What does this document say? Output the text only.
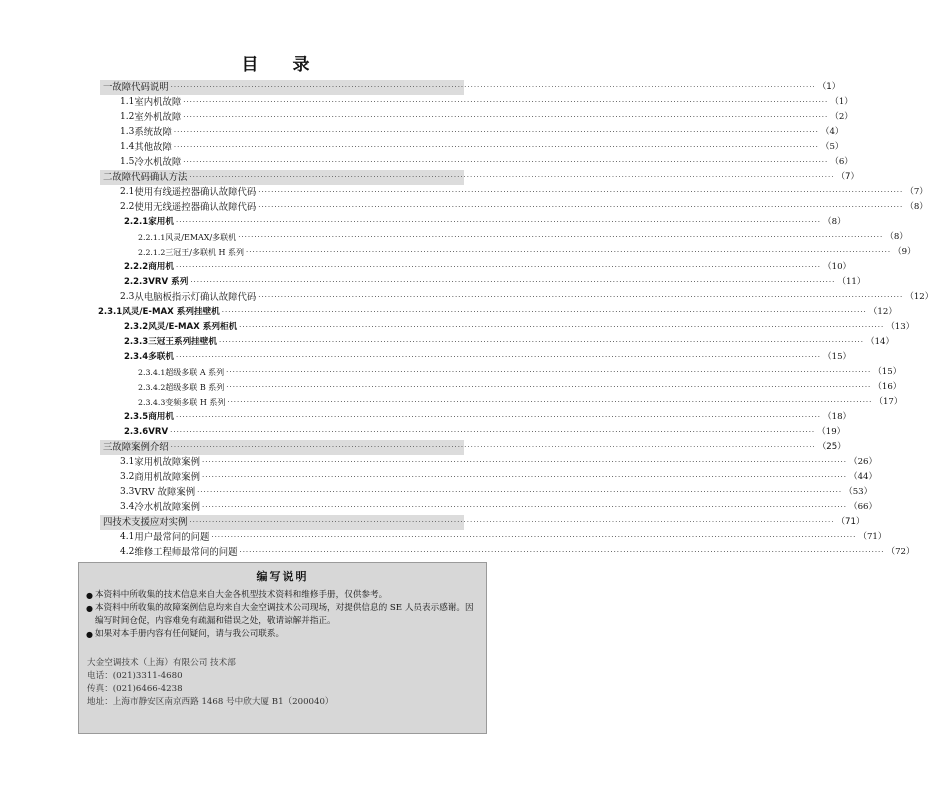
目 录
一 故障代码说明 ········································································································································································································ （1）
1.1 室内机故障 ········································································································································································································ （1）
1.2 室外机故障 ········································································································································································································ （2）
1.3 系统故障 ········································································································································································································ （4）
1.4 其他故障 ········································································································································································································ （5）
1.5 冷水机故障 ········································································································································································································ （6）
二 故障代码确认方法 ········································································································································································································ （7）
2.1 使用有线遥控器确认故障代码 ········································································································································································································ （7）
2.2 使用无线遥控器确认故障代码 ········································································································································································································ （8）
2.2.1 家用机 ········································································································································································································ （8）
2.2.1.1 风灵/EMAX/多联机 ········································································································································································································ （8）
2.2.1.2 三冠王/多联机 H 系列 ········································································································································································································ （9）
2.2.2 商用机 ········································································································································································································ （10）
2.2.3 VRV 系列 ········································································································································································································ （11）
2.3 从电脑板指示灯确认故障代码 ········································································································································································································ （12）
2.3.1 风灵/E-MAX 系列挂壁机 ········································································································································································································ （12）
2.3.2 风灵/E-MAX 系列柜机 ········································································································································································································ （13）
2.3.3 三冠王系列挂壁机 ········································································································································································································ （14）
2.3.4 多联机 ········································································································································································································ （15）
2.3.4.1 超级多联 A 系列 ········································································································································································································ （15）
2.3.4.2 超级多联 B 系列 ········································································································································································································ （16）
2.3.4.3 变频多联 H 系列 ········································································································································································································ （17）
2.3.5 商用机 ········································································································································································································ （18）
2.3.6 VRV ········································································································································································································ （19）
三 故障案例介绍 ········································································································································································································ （25）
3.1 家用机故障案例 ········································································································································································································ （26）
3.2 商用机故障案例 ········································································································································································································ （44）
3.3 VRV 故障案例 ········································································································································································································ （53）
3.4 冷水机故障案例 ········································································································································································································ （66）
四 技术支援应对实例 ········································································································································································································ （71）
4.1 用户最常问的问题 ········································································································································································································ （71）
4.2 维修工程师最常问的问题 ········································································································································································································ （72）
编写说明
● 本资料中所收集的技术信息来自大金各机型技术资料和维修手册，仅供参考。
● 本资料中所收集的故障案例信息均来自大金空调技术公司现场，对提供信息的 SE 人员表示感谢。因编写时间仓促，内容难免有疏漏和错误之处，敬请谅解并指正。
● 如果对本手册内容有任何疑问，请与我公司联系。
大金空调技术（上海）有限公司 技术部
电话：(021)3311-4680
传真：(021)6466-4238
地址：上海市静安区南京西路 1468 号中欣大厦 B1（200040）
